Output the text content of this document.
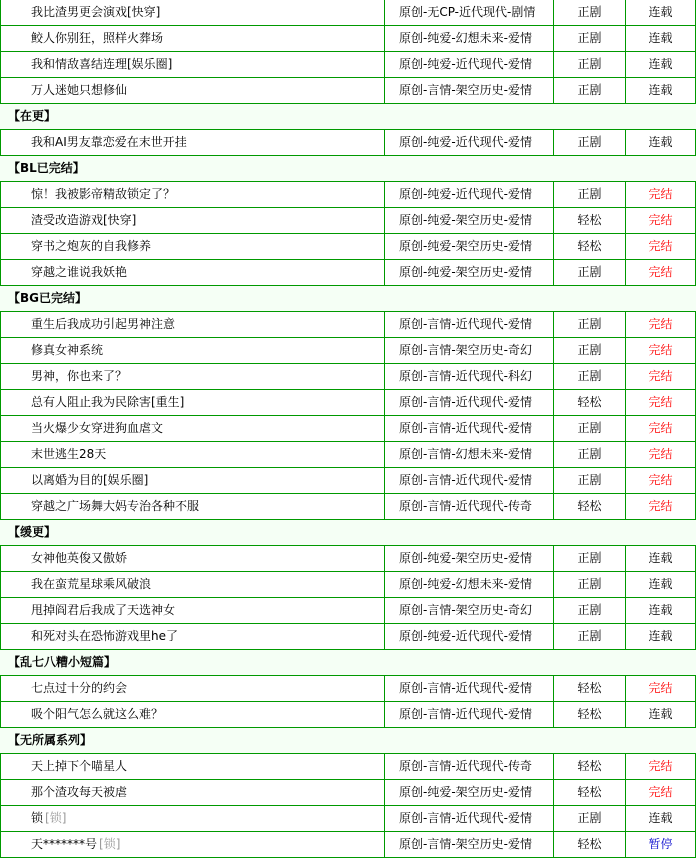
我比渣男更会演戏[快穿]	原创-无CP-近代现代-剧情	正剧	连载
鲛人你别狂，照样火葬场	原创-纯爱-幻想未来-爱情	正剧	连载
我和情敌喜结连理[娱乐圈]	原创-纯爱-近代现代-爱情	正剧	连载
万人迷她只想修仙	原创-言情-架空历史-爱情	正剧	连载
【在更】
我和AI男友靠恋爱在末世开挂	原创-纯爱-近代现代-爱情	正剧	连载
【BL已完结】
惊！我被影帝精敌锁定了？	原创-纯爱-近代现代-爱情	正剧	完结
渣受改造游戏[快穿]	原创-纯爱-架空历史-爱情	轻松	完结
穿书之炮灰的自我修养	原创-纯爱-架空历史-爱情	轻松	完结
穿越之谁说我妖艳	原创-纯爱-架空历史-爱情	正剧	完结
【BG已完结】
重生后我成功引起男神注意	原创-言情-近代现代-爱情	正剧	完结
修真女神系统	原创-言情-架空历史-奇幻	正剧	完结
男神，你也来了？	原创-言情-近代现代-科幻	正剧	完结
总有人阻止我为民除害[重生]	原创-言情-近代现代-爱情	轻松	完结
当火爆少女穿进狗血虐文	原创-言情-近代现代-爱情	正剧	完结
末世逃生28天	原创-言情-幻想未来-爱情	正剧	完结
以离婚为目的[娱乐圈]	原创-言情-近代现代-爱情	正剧	完结
穿越之广场舞大妈专治各种不服	原创-言情-近代现代-传奇	轻松	完结
【缓更】
女神他英俊又傲娇	原创-纯爱-架空历史-爱情	正剧	连载
我在蛮荒星球乘风破浪	原创-纯爱-幻想未来-爱情	正剧	连载
甩掉阎君后我成了天选神女	原创-言情-架空历史-奇幻	正剧	连载
和死对头在恐怖游戏里he了	原创-纯爱-近代现代-爱情	正剧	连载
【乱七八糟小短篇】
七点过十分的约会	原创-言情-近代现代-爱情	轻松	完结
吸个阳气怎么就这么难？	原创-言情-近代现代-爱情	轻松	连载
【无所属系列】
天上掉下个喵星人	原创-言情-近代现代-传奇	轻松	完结
那个渣攻每天被虐	原创-纯爱-架空历史-爱情	轻松	完结
锁 [锁]	原创-言情-近代现代-爱情	正剧	连载
天*******号 [锁]	原创-言情-架空历史-爱情	轻松	暂停
